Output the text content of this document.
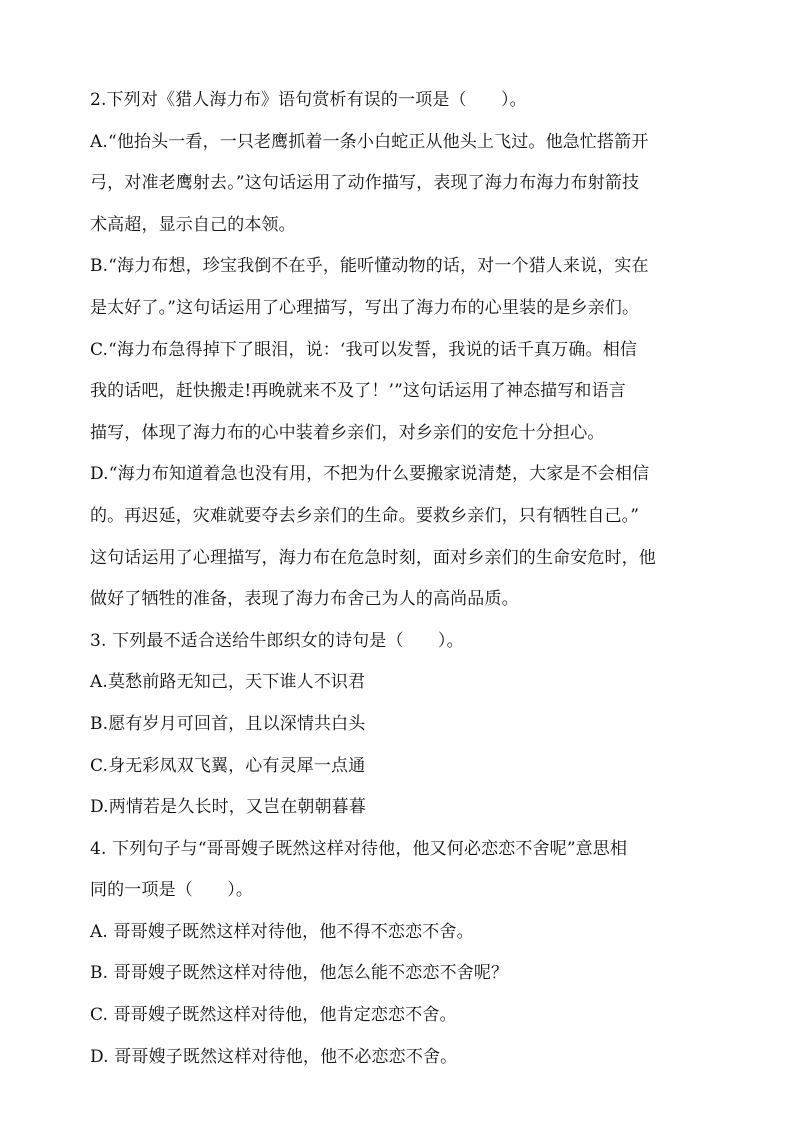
2.下列对《猎人海力布》语句赏析有误的一项是（　　）。
A.“他抬头一看，一只老鹰抓着一条小白蛇正从他头上飞过。他急忙搭箭开
弓，对准老鹰射去。”这句话运用了动作描写，表现了海力布海力布射箭技
术高超，显示自己的本领。
B.“海力布想，珍宝我倒不在乎，能听懂动物的话，对一个猎人来说，实在
是太好了。”这句话运用了心理描写，写出了海力布的心里装的是乡亲们。
C.“海力布急得掉下了眼泪，说：‘我可以发誓，我说的话千真万确。相信
我的话吧，赶快搬走!再晚就来不及了！’”这句话运用了神态描写和语言
描写，体现了海力布的心中装着乡亲们，对乡亲们的安危十分担心。
D.“海力布知道着急也没有用，不把为什么要搬家说清楚，大家是不会相信
的。再迟延，灾难就要夺去乡亲们的生命。要救乡亲们，只有牺牲自己。”
这句话运用了心理描写，海力布在危急时刻，面对乡亲们的生命安危时，他
做好了牺牲的准备，表现了海力布舍己为人的高尚品质。
3. 下列最不适合送给牛郎织女的诗句是（　　）。
A.莫愁前路无知己，天下谁人不识君
B.愿有岁月可回首，且以深情共白头
C.身无彩凤双飞翼，心有灵犀一点通
D.两情若是久长时，又岂在朝朝暮暮
4. 下列句子与“哥哥嫂子既然这样对待他，他又何必恋恋不舍呢”意思相
同的一项是（　　）。
A. 哥哥嫂子既然这样对待他，他不得不恋恋不舍。
B. 哥哥嫂子既然这样对待他，他怎么能不恋恋不舍呢？
C. 哥哥嫂子既然这样对待他，他肯定恋恋不舍。
D. 哥哥嫂子既然这样对待他，他不必恋恋不舍。
